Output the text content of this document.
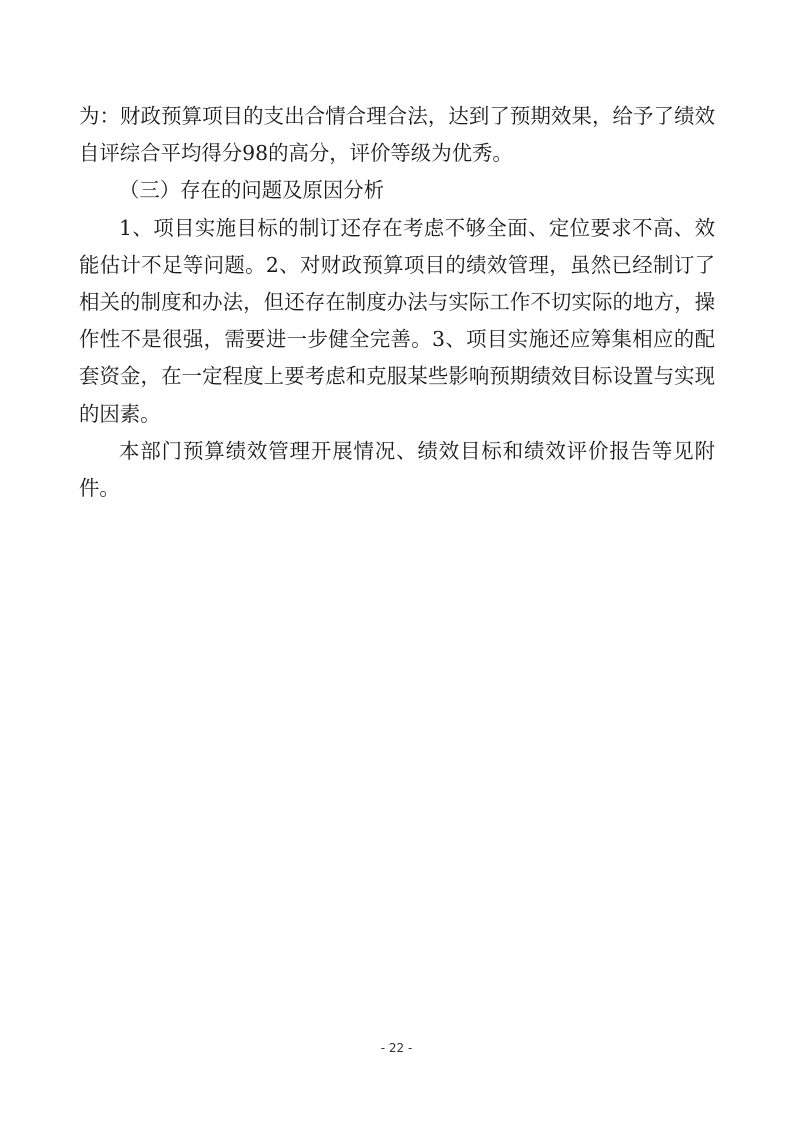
为：财政预算项目的支出合情合理合法，达到了预期效果，给予了绩效自评综合平均得分98的高分，评价等级为优秀。

（三）存在的问题及原因分析

1、项目实施目标的制订还存在考虑不够全面、定位要求不高、效能估计不足等问题。2、对财政预算项目的绩效管理，虽然已经制订了相关的制度和办法，但还存在制度办法与实际工作不切实际的地方，操作性不是很强，需要进一步健全完善。3、项目实施还应筹集相应的配套资金，在一定程度上要考虑和克服某些影响预期绩效目标设置与实现的因素。

本部门预算绩效管理开展情况、绩效目标和绩效评价报告等见附件。

- 22 -
